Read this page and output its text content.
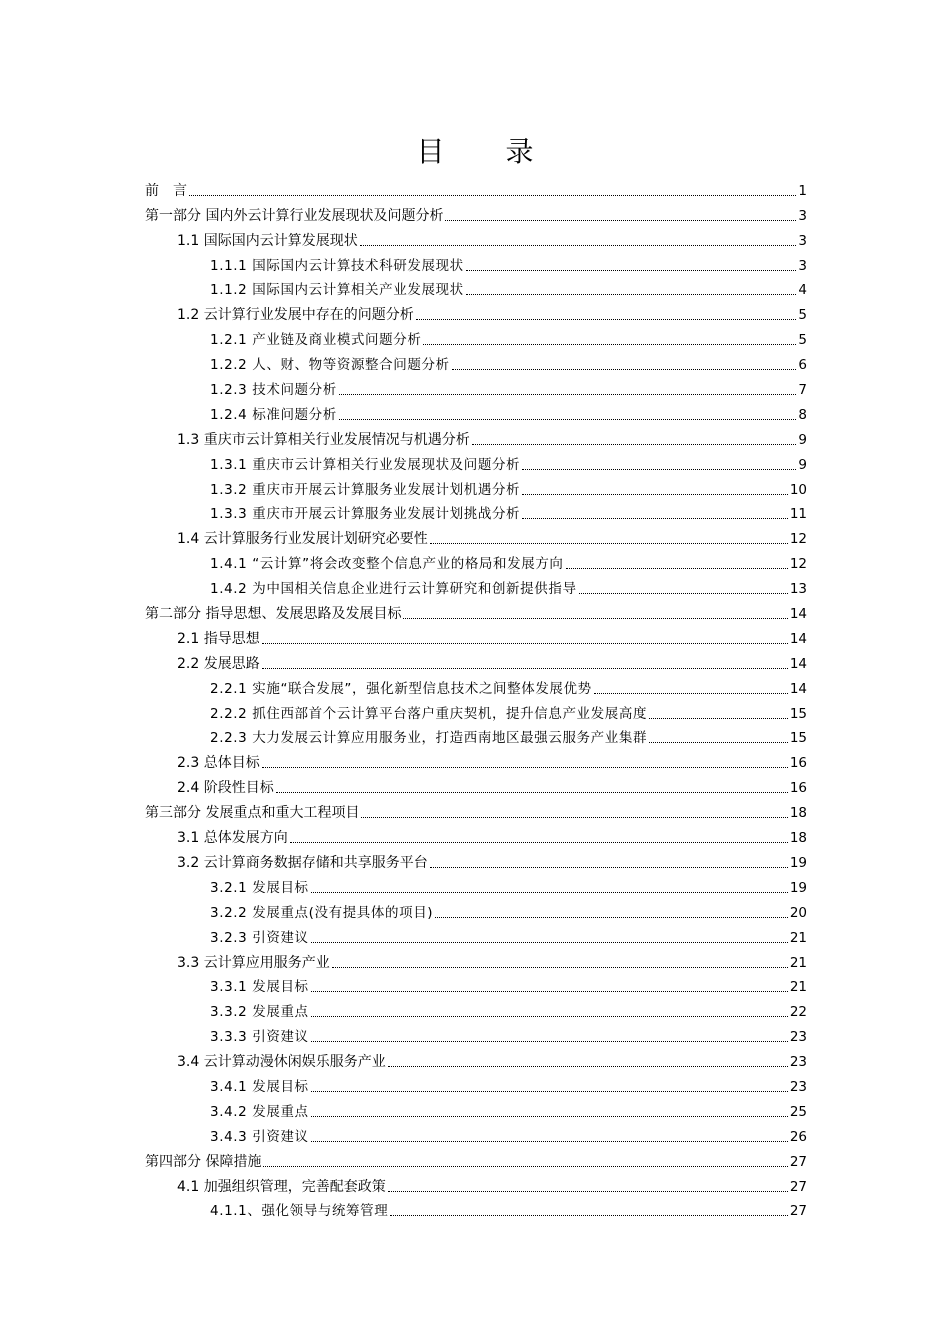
目 录
前　言	1
第一部分 国内外云计算行业发展现状及问题分析	3
1.1 国际国内云计算发展现状	3
1.1.1 国际国内云计算技术科研发展现状	3
1.1.2 国际国内云计算相关产业发展现状	4
1.2 云计算行业发展中存在的问题分析	5
1.2.1 产业链及商业模式问题分析	5
1.2.2 人、财、物等资源整合问题分析	6
1.2.3 技术问题分析	7
1.2.4 标准问题分析	8
1.3 重庆市云计算相关行业发展情况与机遇分析	9
1.3.1 重庆市云计算相关行业发展现状及问题分析	9
1.3.2 重庆市开展云计算服务业发展计划机遇分析	10
1.3.3 重庆市开展云计算服务业发展计划挑战分析	11
1.4 云计算服务行业发展计划研究必要性	12
1.4.1 “云计算”将会改变整个信息产业的格局和发展方向	12
1.4.2 为中国相关信息企业进行云计算研究和创新提供指导	13
第二部分 指导思想、发展思路及发展目标	14
2.1 指导思想	14
2.2 发展思路	14
2.2.1 实施“联合发展”，强化新型信息技术之间整体发展优势	14
2.2.2 抓住西部首个云计算平台落户重庆契机，提升信息产业发展高度	15
2.2.3 大力发展云计算应用服务业，打造西南地区最强云服务产业集群	15
2.3 总体目标	16
2.4 阶段性目标	16
第三部分 发展重点和重大工程项目	18
3.1 总体发展方向	18
3.2 云计算商务数据存储和共享服务平台	19
3.2.1 发展目标	19
3.2.2 发展重点(没有提具体的项目)	20
3.2.3 引资建议	21
3.3 云计算应用服务产业	21
3.3.1 发展目标	21
3.3.2 发展重点	22
3.3.3 引资建议	23
3.4 云计算动漫休闲娱乐服务产业	23
3.4.1 发展目标	23
3.4.2 发展重点	25
3.4.3 引资建议	26
第四部分 保障措施	27
4.1 加强组织管理，完善配套政策	27
4.1.1、强化领导与统筹管理	27
